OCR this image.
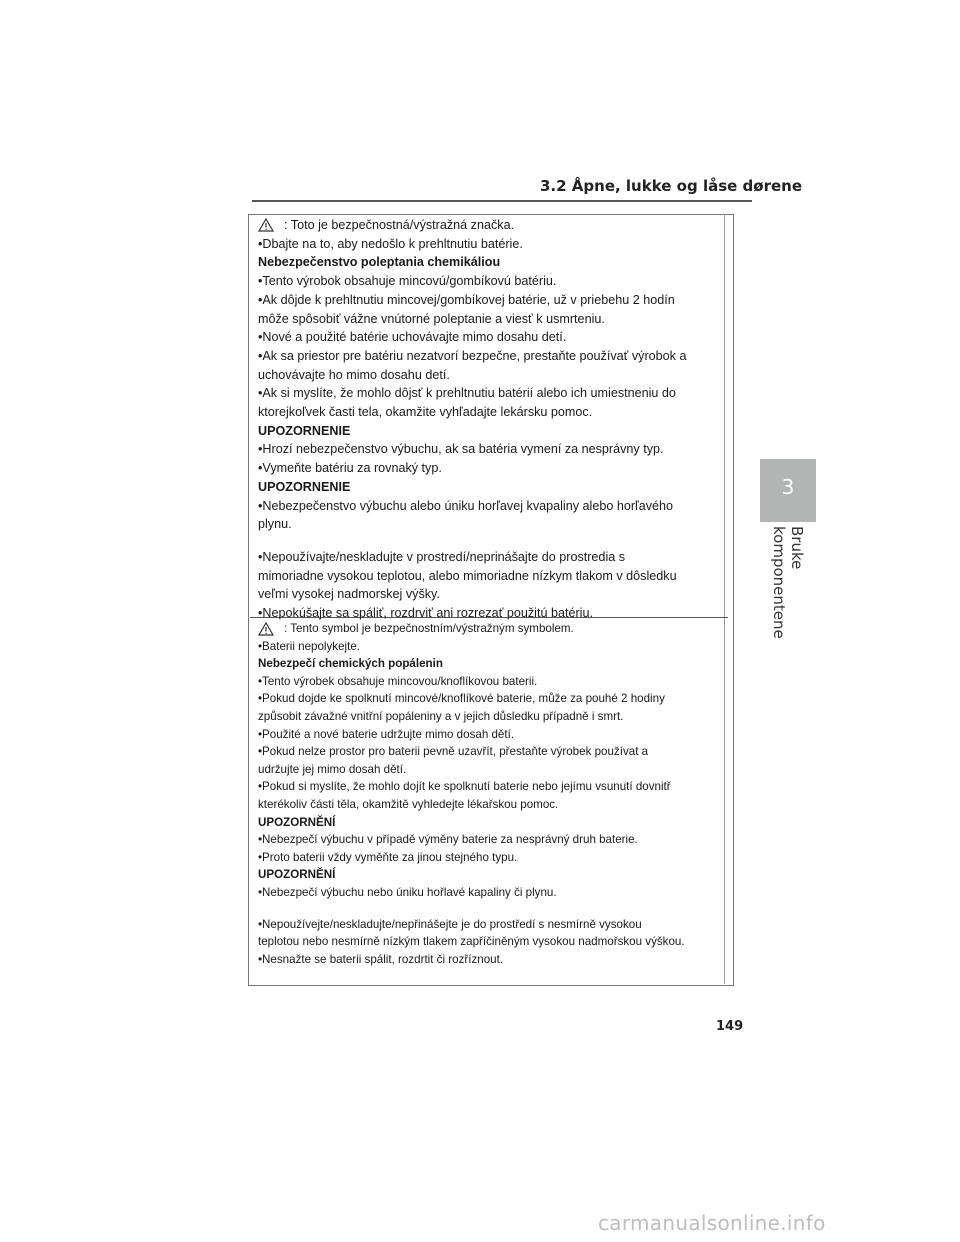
3.2 Åpne, lukke og låse dørene
3
Bruke komponentene
: Toto je bezpečnostná/výstražná značka.
•Dbajte na to, aby nedošlo k prehltnutiu batérie.
Nebezpečenstvo poleptania chemikáliou
•Tento výrobok obsahuje mincovú/gombíkovú batériu.
•Ak dôjde k prehltnutiu mincovej/gombíkovej batérie, už v priebehu 2 hodín
môže spôsobiť vážne vnútorné poleptanie a viesť k usmrteniu.
•Nové a použité batérie uchovávajte mimo dosahu detí.
•Ak sa priestor pre batériu nezatvorí bezpečne, prestaňte používať výrobok a
uchovávajte ho mimo dosahu detí.
•Ak si myslíte, že mohlo dôjsť k prehltnutiu batérií alebo ich umiestneniu do
ktorejkoľvek časti tela, okamžite vyhľadajte lekársku pomoc.
UPOZORNENIE
•Hrozí nebezpečenstvo výbuchu, ak sa batéria vymení za nesprávny typ.
•Vymeňte batériu za rovnaký typ.
UPOZORNENIE
•Nebezpečenstvo výbuchu alebo úniku horľavej kvapaliny alebo horľavého
plynu.
•Nepoužívajte/neskladujte v prostredí/neprinášajte do prostredia s
mimoriadne vysokou teplotou, alebo mimoriadne nízkym tlakom v dôsledku
veľmi vysokej nadmorskej výšky.
•Nepokúšajte sa spáliť, rozdrviť ani rozrezať použitú batériu.
: Tento symbol je bezpečnostním/výstražným symbolem.
•Baterii nepolykejte.
Nebezpečí chemických popálenin
•Tento výrobek obsahuje mincovou/knoflíkovou baterii.
•Pokud dojde ke spolknutí mincové/knoflíkové baterie, může za pouhé 2 hodiny
způsobit závažné vnitřní popáleniny a v jejich důsledku případně i smrt.
•Použité a nové baterie udržujte mimo dosah dětí.
•Pokud nelze prostor pro baterii pevně uzavřít, přestaňte výrobek používat a
udržujte jej mimo dosah dětí.
•Pokud si myslíte, že mohlo dojít ke spolknutí baterie nebo jejímu vsunutí dovnitř
kterékoliv části těla, okamžitě vyhledejte lékařskou pomoc.
UPOZORNĚNÍ
•Nebezpečí výbuchu v případě výměny baterie za nesprávný druh baterie.
•Proto baterii vždy vyměňte za jinou stejného typu.
UPOZORNĚNÍ
•Nebezpečí výbuchu nebo úniku hořlavé kapaliny či plynu.
•Nepoužívejte/neskladujte/nepřinášejte je do prostředí s nesmírně vysokou
teplotou nebo nesmírně nízkým tlakem zapříčiněným vysokou nadmořskou výškou.
•Nesnažte se baterii spálit, rozdrtit či rozříznout.
149
carmanualsonline.info
